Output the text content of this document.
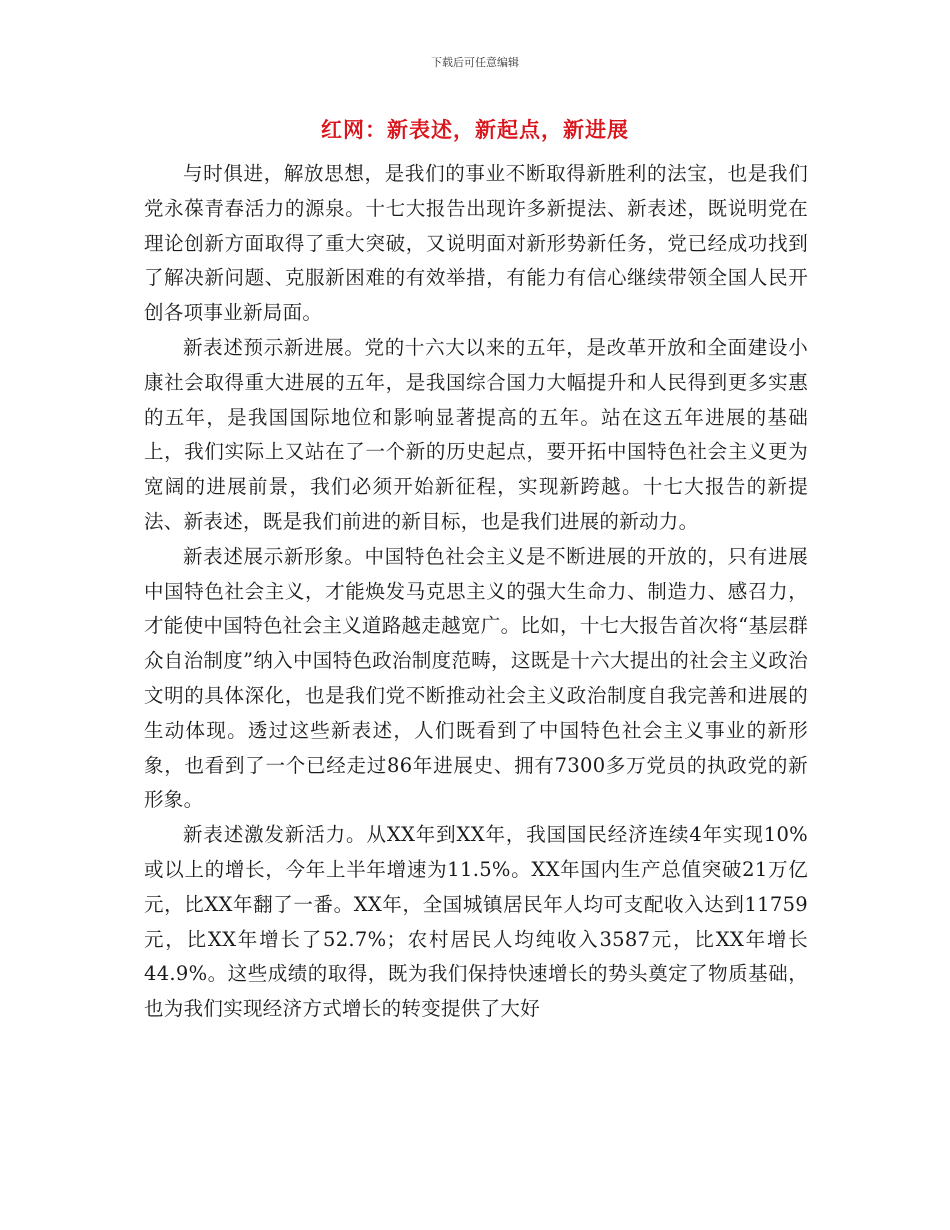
下载后可任意编辑
红网：新表述，新起点，新进展

与时俱进，解放思想，是我们的事业不断取得新胜利的法宝，也是我们党永葆青春活力的源泉。十七大报告出现许多新提法、新表述，既说明党在理论创新方面取得了重大突破，又说明面对新形势新任务，党已经成功找到了解决新问题、克服新困难的有效举措，有能力有信心继续带领全国人民开创各项事业新局面。

新表述预示新进展。党的十六大以来的五年，是改革开放和全面建设小康社会取得重大进展的五年，是我国综合国力大幅提升和人民得到更多实惠的五年，是我国国际地位和影响显著提高的五年。站在这五年进展的基础上，我们实际上又站在了一个新的历史起点，要开拓中国特色社会主义更为宽阔的进展前景，我们必须开始新征程，实现新跨越。十七大报告的新提法、新表述，既是我们前进的新目标，也是我们进展的新动力。

新表述展示新形象。中国特色社会主义是不断进展的开放的，只有进展中国特色社会主义，才能焕发马克思主义的强大生命力、制造力、感召力，才能使中国特色社会主义道路越走越宽广。比如，十七大报告首次将“基层群众自治制度”纳入中国特色政治制度范畴，这既是十六大提出的社会主义政治文明的具体深化，也是我们党不断推动社会主义政治制度自我完善和进展的生动体现。透过这些新表述，人们既看到了中国特色社会主义事业的新形象，也看到了一个已经走过86年进展史、拥有7300多万党员的执政党的新形象。

新表述激发新活力。从XX年到XX年，我国国民经济连续4年实现10%或以上的增长，今年上半年增速为11.5%。XX年国内生产总值突破21万亿元，比XX年翻了一番。XX年，全国城镇居民年人均可支配收入达到11759元，比XX年增长了52.7%；农村居民人均纯收入3587元，比XX年增长44.9%。这些成绩的取得，既为我们保持快速增长的势头奠定了物质基础，也为我们实现经济方式增长的转变提供了大好
